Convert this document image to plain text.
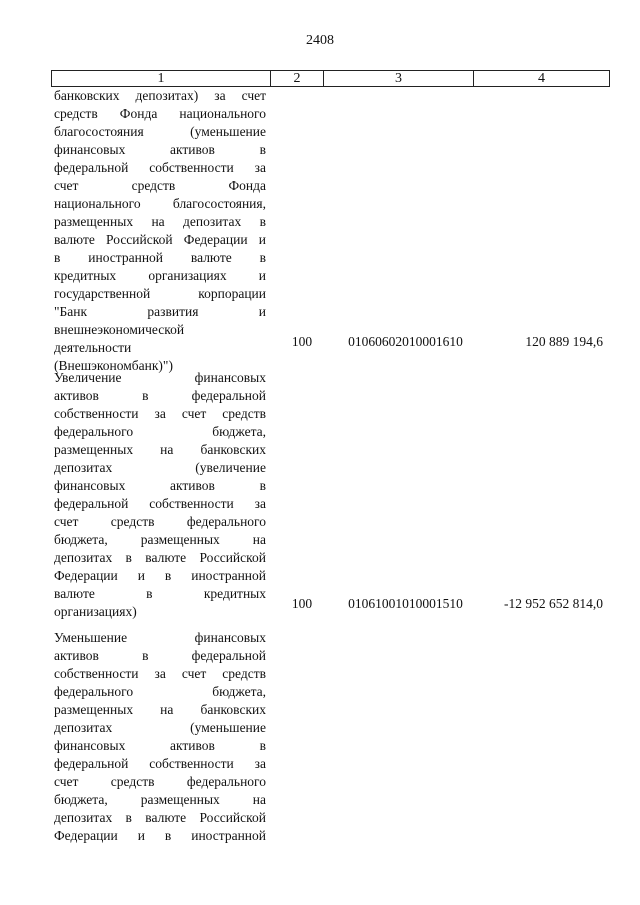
2408
1	2	3	4
банковских депозитах) за счет
средств Фонда национального
благосостояния (уменьшение
финансовых активов в
федеральной собственности за
счет средств Фонда
национального благосостояния,
размещенных на депозитах в
валюте Российской Федерации и
в иностранной валюте в
кредитных организациях и
государственной корпорации
"Банк развития и
внешнеэкономической
деятельности
(Внешэкономбанк)")
100	01060602010001610	120 889 194,6
Увеличение финансовых
активов в федеральной
собственности за счет средств
федерального бюджета,
размещенных на банковских
депозитах (увеличение
финансовых активов в
федеральной собственности за
счет средств федерального
бюджета, размещенных на
депозитах в валюте Российской
Федерации и в иностранной
валюте в кредитных
организациях)
100	01061001010001510	-12 952 652 814,0
Уменьшение финансовых
активов в федеральной
собственности за счет средств
федерального бюджета,
размещенных на банковских
депозитах (уменьшение
финансовых активов в
федеральной собственности за
счет средств федерального
бюджета, размещенных на
депозитах в валюте Российской
Федерации и в иностранной
